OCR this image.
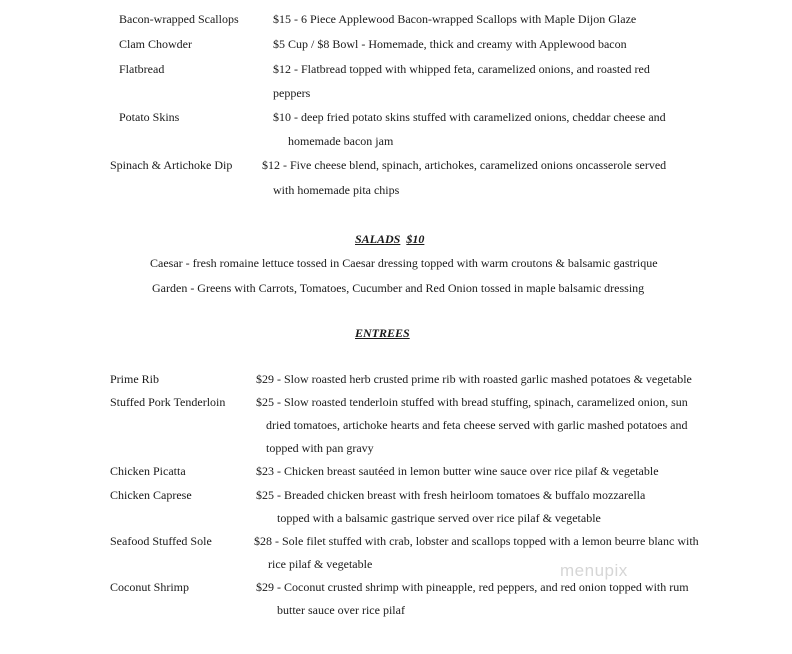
Bacon-wrapped Scallops	$15 - 6 Piece Applewood Bacon-wrapped Scallops with Maple Dijon Glaze
Clam Chowder	$5 Cup / $8 Bowl - Homemade, thick and creamy with Applewood bacon
Flatbread	$12 - Flatbread topped with whipped feta, caramelized onions, and roasted red
peppers
Potato Skins	$10 - deep fried potato skins stuffed with caramelized onions, cheddar cheese and
homemade bacon jam
Spinach & Artichoke Dip $12 - Five cheese blend, spinach, artichokes, caramelized onions oncasserole served
with homemade pita chips
SALADS $10
Caesar - fresh romaine lettuce tossed in Caesar dressing topped with warm croutons & balsamic gastrique
Garden - Greens with Carrots, Tomatoes, Cucumber and Red Onion tossed in maple balsamic dressing
ENTREES
Prime Rib	$29 - Slow roasted herb crusted prime rib with roasted garlic mashed potatoes & vegetable
Stuffed Pork Tenderloin	$25 - Slow roasted tenderloin stuffed with bread stuffing, spinach, caramelized onion, sun
dried tomatoes, artichoke hearts and feta cheese served with garlic mashed potatoes and
topped with pan gravy
Chicken Picatta	$23 - Chicken breast sautéed in lemon butter wine sauce over rice pilaf & vegetable
Chicken Caprese	$25 - Breaded chicken breast with fresh heirloom tomatoes & buffalo mozzarella
topped with a balsamic gastrique served over rice pilaf & vegetable
Seafood Stuffed Sole	$28 - Sole filet stuffed with crab, lobster and scallops topped with a lemon beurre blanc with
rice pilaf & vegetable
Coconut Shrimp	$29 - Coconut crusted shrimp with pineapple, red peppers, and red onion topped with rum
butter sauce over rice pilaf
menupix
